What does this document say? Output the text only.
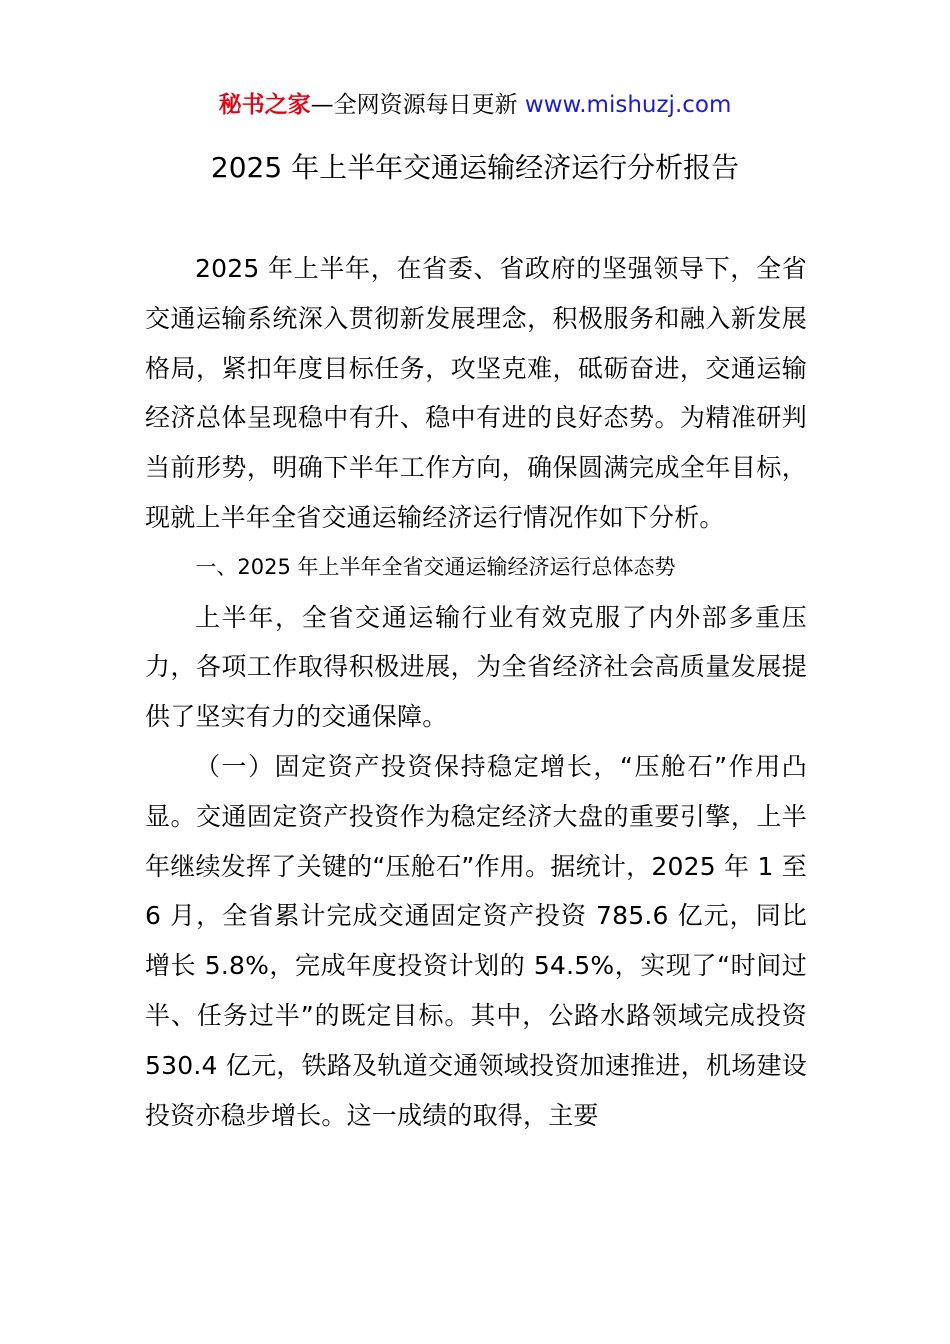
秘书之家—全网资源每日更新 www.mishuzj.com
2025 年上半年交通运输经济运行分析报告

2025 年上半年，在省委、省政府的坚强领导下，全省交通运输系统深入贯彻新发展理念，积极服务和融入新发展格局，紧扣年度目标任务，攻坚克难，砥砺奋进，交通运输经济总体呈现稳中有升、稳中有进的良好态势。为精准研判当前形势，明确下半年工作方向，确保圆满完成全年目标，现就上半年全省交通运输经济运行情况作如下分析。

一、2025 年上半年全省交通运输经济运行总体态势

上半年，全省交通运输行业有效克服了内外部多重压力，各项工作取得积极进展，为全省经济社会高质量发展提供了坚实有力的交通保障。

（一）固定资产投资保持稳定增长，“压舱石”作用凸显。交通固定资产投资作为稳定经济大盘的重要引擎，上半年继续发挥了关键的“压舱石”作用。据统计，2025 年 1 至 6 月，全省累计完成交通固定资产投资 785.6 亿元，同比增长 5.8%，完成年度投资计划的 54.5%，实现了“时间过半、任务过半”的既定目标。其中，公路水路领域完成投资 530.4 亿元，铁路及轨道交通领域投资加速推进，机场建设投资亦稳步增长。这一成绩的取得，主要
